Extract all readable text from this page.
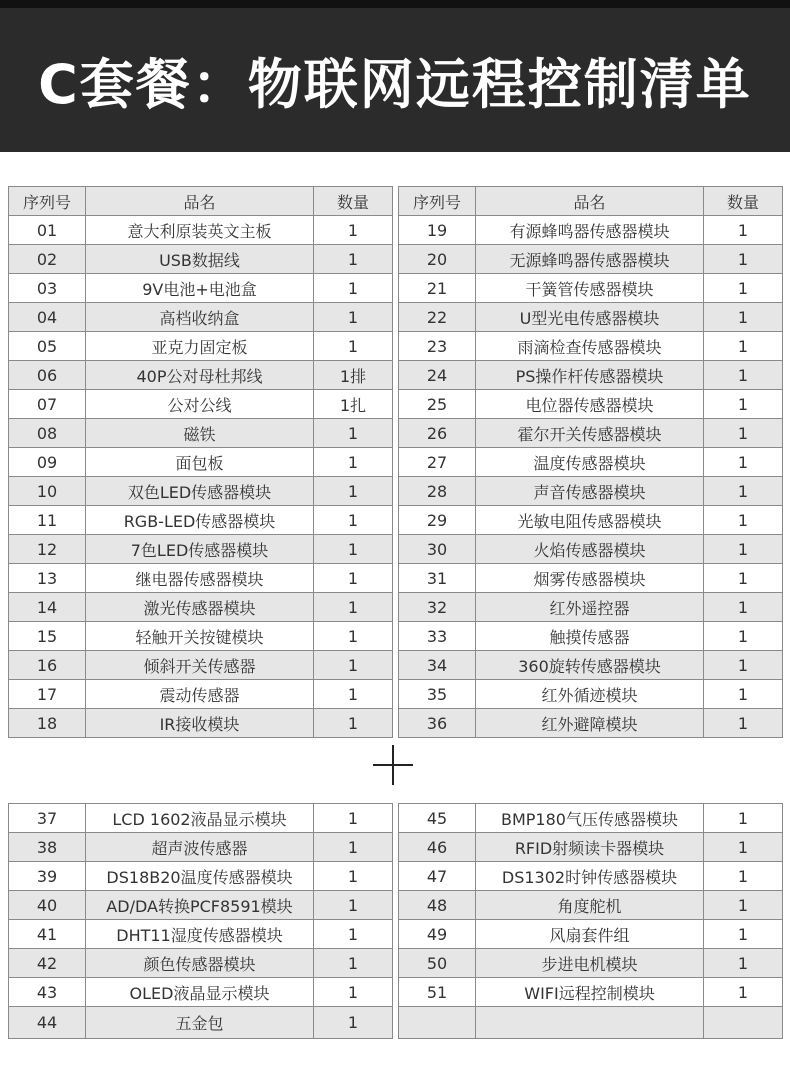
C套餐：物联网远程控制清单
序列号	品名	数量
01	意大利原装英文主板	1
02	USB数据线	1
03	9V电池+电池盒	1
04	高档收纳盒	1
05	亚克力固定板	1
06	40P公对母杜邦线	1排
07	公对公线	1扎
08	磁铁	1
09	面包板	1
10	双色LED传感器模块	1
11	RGB-LED传感器模块	1
12	7色LED传感器模块	1
13	继电器传感器模块	1
14	激光传感器模块	1
15	轻触开关按键模块	1
16	倾斜开关传感器	1
17	震动传感器	1
18	IR接收模块	1
序列号	品名	数量
19	有源蜂鸣器传感器模块	1
20	无源蜂鸣器传感器模块	1
21	干簧管传感器模块	1
22	U型光电传感器模块	1
23	雨滴检查传感器模块	1
24	PS操作杆传感器模块	1
25	电位器传感器模块	1
26	霍尔开关传感器模块	1
27	温度传感器模块	1
28	声音传感器模块	1
29	光敏电阻传感器模块	1
30	火焰传感器模块	1
31	烟雾传感器模块	1
32	红外遥控器	1
33	触摸传感器	1
34	360旋转传感器模块	1
35	红外循迹模块	1
36	红外避障模块	1
37	LCD 1602液晶显示模块	1
38	超声波传感器	1
39	DS18B20温度传感器模块	1
40	AD/DA转换PCF8591模块	1
41	DHT11湿度传感器模块	1
42	颜色传感器模块	1
43	OLED液晶显示模块	1
44	五金包	1
45	BMP180气压传感器模块	1
46	RFID射频读卡器模块	1
47	DS1302时钟传感器模块	1
48	角度舵机	1
49	风扇套件组	1
50	步进电机模块	1
51	WIFI远程控制模块	1
